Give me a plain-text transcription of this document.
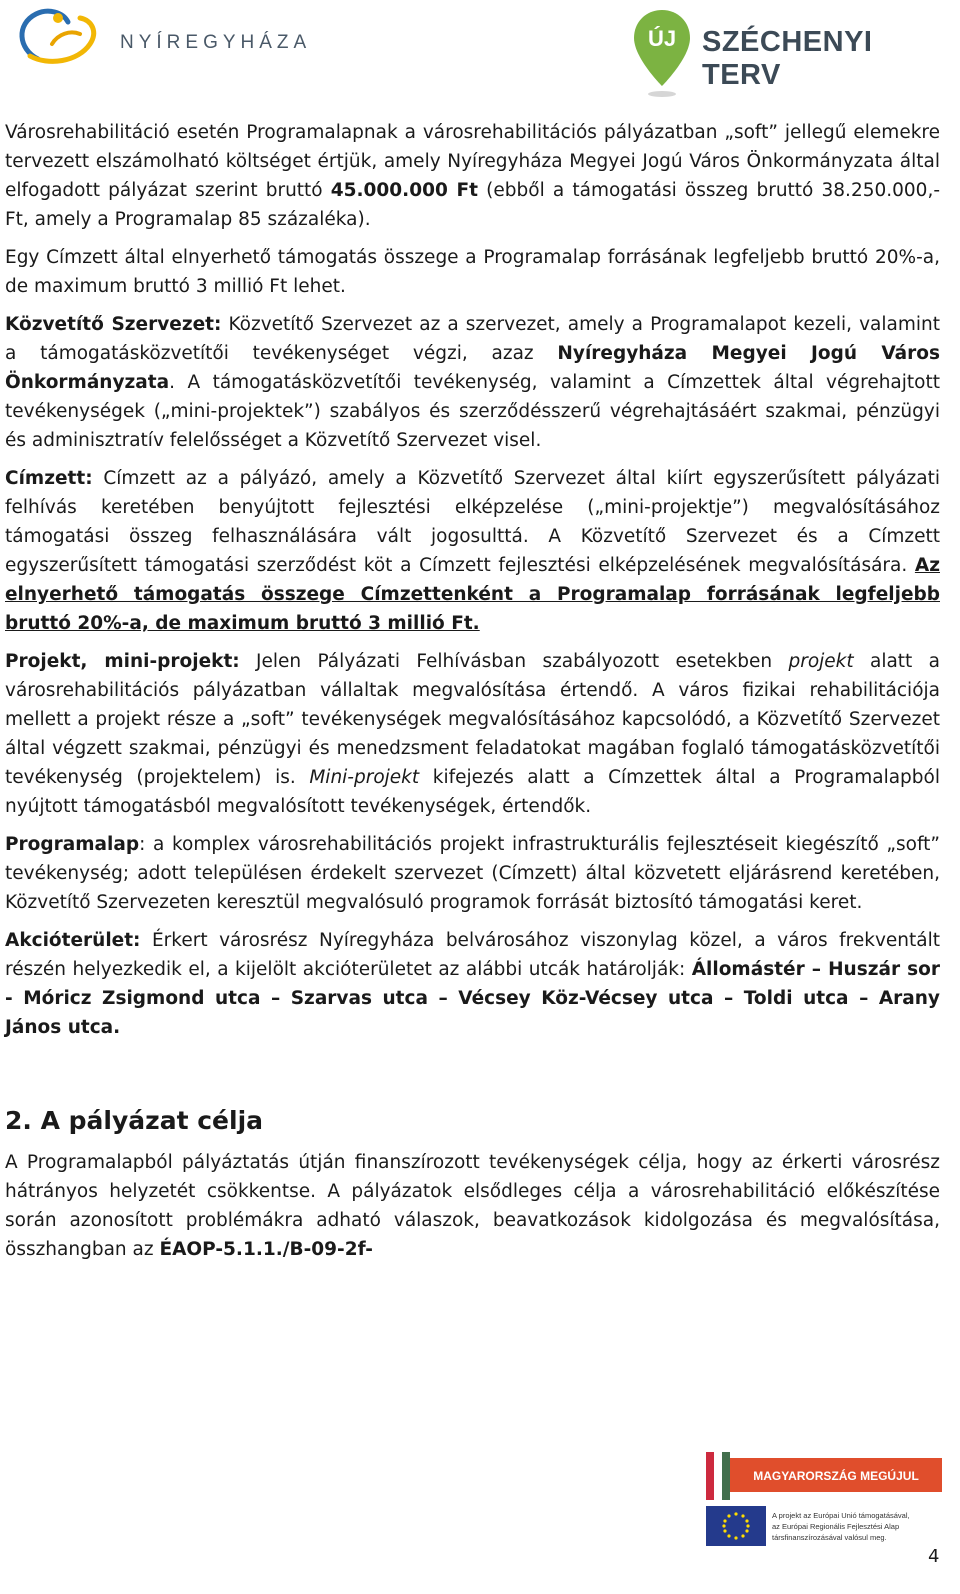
NYÍREGYHÁZA	ÚJ SZÉCHENYI TERV

Városrehabilitáció esetén Programalapnak a városrehabilitációs pályázatban „soft” jellegű elemekre tervezett elszámolható költséget értjük, amely Nyíregyháza Megyei Jogú Város Önkormányzata által elfogadott pályázat szerint bruttó 45.000.000 Ft (ebből a támogatási összeg bruttó 38.250.000,- Ft, amely a Programalap 85 százaléka).

Egy Címzett által elnyerhető támogatás összege a Programalap forrásának legfeljebb bruttó 20%-a, de maximum bruttó 3 millió Ft lehet.

Közvetítő Szervezet: Közvetítő Szervezet az a szervezet, amely a Programalapot kezeli, valamint a támogatásközvetítői tevékenységet végzi, azaz Nyíregyháza Megyei Jogú Város Önkormányzata. A támogatásközvetítői tevékenység, valamint a Címzettek által végrehajtott tevékenységek („mini-projektek”) szabályos és szerződésszerű végrehajtásáért szakmai, pénzügyi és adminisztratív felelősséget a Közvetítő Szervezet visel.

Címzett: Címzett az a pályázó, amely a Közvetítő Szervezet által kiírt egyszerűsített pályázati felhívás keretében benyújtott fejlesztési elképzelése („mini-projektje”) megvalósításához támogatási összeg felhasználására vált jogosulttá. A Közvetítő Szervezet és a Címzett egyszerűsített támogatási szerződést köt a Címzett fejlesztési elképzelésének megvalósítására. Az elnyerhető támogatás összege Címzettenként a Programalap forrásának legfeljebb bruttó 20%-a, de maximum bruttó 3 millió Ft.

Projekt, mini-projekt: Jelen Pályázati Felhívásban szabályozott esetekben projekt alatt a városrehabilitációs pályázatban vállaltak megvalósítása értendő. A város fizikai rehabilitációja mellett a projekt része a „soft” tevékenységek megvalósításához kapcsolódó, a Közvetítő Szervezet által végzett szakmai, pénzügyi és menedzsment feladatokat magában foglaló támogatásközvetítői tevékenység (projektelem) is. Mini-projekt kifejezés alatt a Címzettek által a Programalapból nyújtott támogatásból megvalósított tevékenységek, értendők.

Programalap: a komplex városrehabilitációs projekt infrastrukturális fejlesztéseit kiegészítő „soft” tevékenység; adott településen érdekelt szervezet (Címzett) által közvetett eljárásrend keretében, Közvetítő Szervezeten keresztül megvalósuló programok forrását biztosító támogatási keret.

Akcióterület: Érkert városrész Nyíregyháza belvárosához viszonylag közel, a város frekventált részén helyezkedik el, a kijelölt akcióterületet az alábbi utcák határolják: Állomástér – Huszár sor - Móricz Zsigmond utca – Szarvas utca – Vécsey Köz-Vécsey utca – Toldi utca – Arany János utca.

2. A pályázat célja

A Programalapból pályáztatás útján finanszírozott tevékenységek célja, hogy az érkerti városrész hátrányos helyzetét csökkentse. A pályázatok elsődleges célja a városrehabilitáció előkészítése során azonosított problémákra adható válaszok, beavatkozások kidolgozása és megvalósítása, összhangban az ÉAOP-5.1.1./B-09-2f-

MAGYARORSZÁG MEGÚJUL
A projekt az Európai Unió támogatásával,
az Európai Regionális Fejlesztési Alap
társfinanszírozásával valósul meg.
4
